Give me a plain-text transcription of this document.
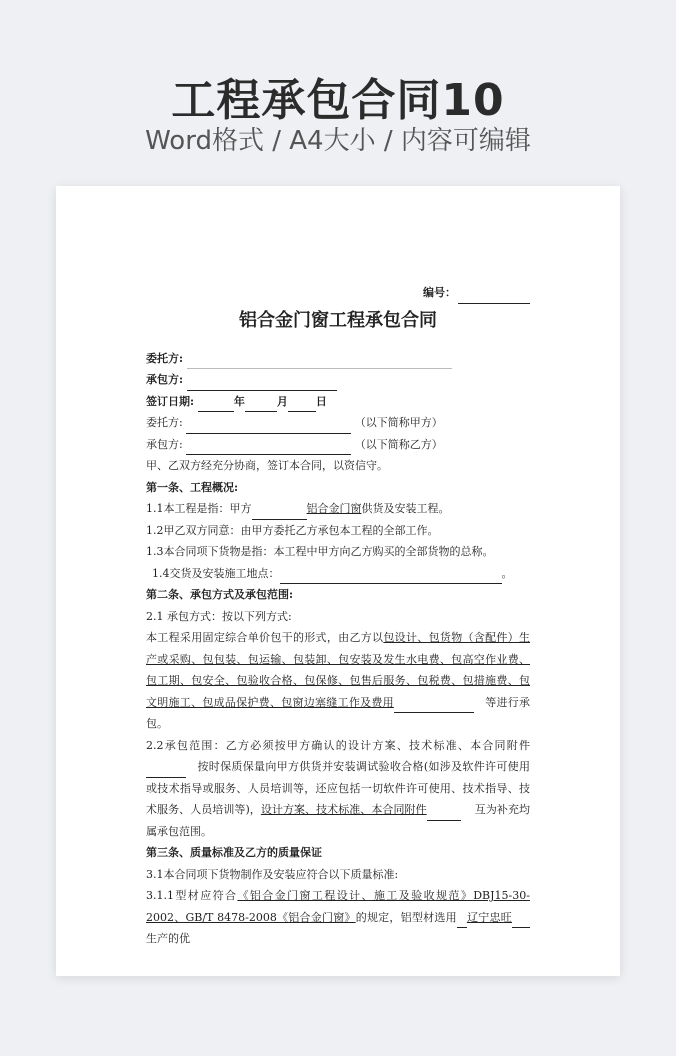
工程承包合同10
Word格式 / A4大小 / 内容可编辑
编号：
铝合金门窗工程承包合同

委托方:

承包方:

签订日期:	年	月	日

委托方:	（以下简称甲方）

承包方:	（以下简称乙方）

甲、乙双方经充分协商，签订本合同，以资信守。

第一条、工程概况:

1.1本工程是指：甲方	铝合金门窗供货及安装工程。

1.2甲乙双方同意：由甲方委托乙方承包本工程的全部工作。

1.3本合同项下货物是指：本工程中甲方向乙方购买的全部货物的总称。

1.4交货及安装施工地点：	。

第二条、承包方式及承包范围:

2.1 承包方式：按以下列方式:

本工程采用固定综合单价包干的形式，由乙方以包设计、包货物（含配件）生产或采购、包包装、包运输、包装卸、包安装及发生水电费、包高空作业费、包工期、包安全、包验收合格、包保修、包售后服务、包税费、包措施费、包文明施工、包成品保护费、包窗边塞缝工作及费用	等进行承包。

2.2承包范围：乙方必须按甲方确认的设计方案、技术标准、本合同附件   按时保质保量向甲方供货并安装调试验收合格(如涉及软件许可使用或技术指导或服务、人员培训等，还应包括一切软件许可使用、技术指导、技术服务、人员培训等)，设计方案、技术标准、本合同附件	互为补充均属承包范围。

第三条、质量标准及乙方的质量保证

3.1本合同项下货物制作及安装应符合以下质量标准:

3.1.1型材应符合《铝合金门窗工程设计、施工及验收规范》DBJ15-30-2002、GB/T 8478-2008《铝合金门窗》的规定，铝型材选用 辽宁忠旺生产的优
